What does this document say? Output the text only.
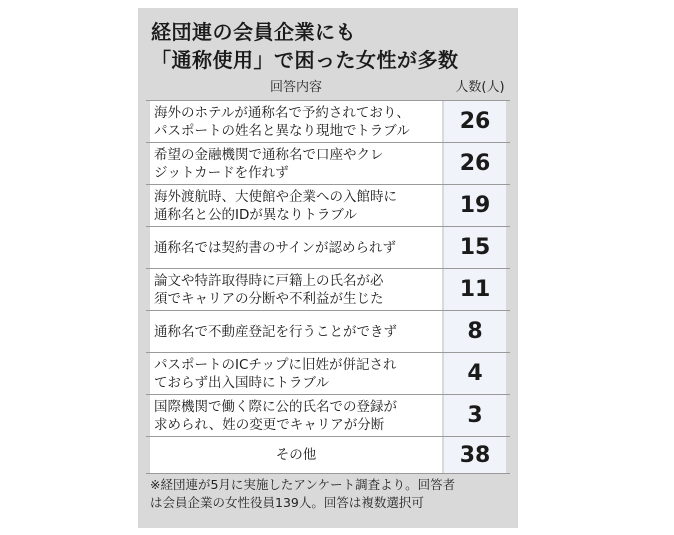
経団連の会員企業にも
「通称使用」で困った女性が多数
回答内容	人数(人)
海外のホテルが通称名で予約されており、
パスポートの姓名と異なり現地でトラブル	26
希望の金融機関で通称名で口座やクレ
ジットカードを作れず	26
海外渡航時、大使館や企業への入館時に
通称名と公的IDが異なりトラブル	19
通称名では契約書のサインが認められず	15
論文や特許取得時に戸籍上の氏名が必
須でキャリアの分断や不利益が生じた	11
通称名で不動産登記を行うことができず	8
パスポートのICチップに旧姓が併記され
ておらず出入国時にトラブル	4
国際機関で働く際に公的氏名での登録が
求められ、姓の変更でキャリアが分断	3
その他	38
※経団連が5月に実施したアンケート調査より。回答者
は会員企業の女性役員139人。回答は複数選択可
